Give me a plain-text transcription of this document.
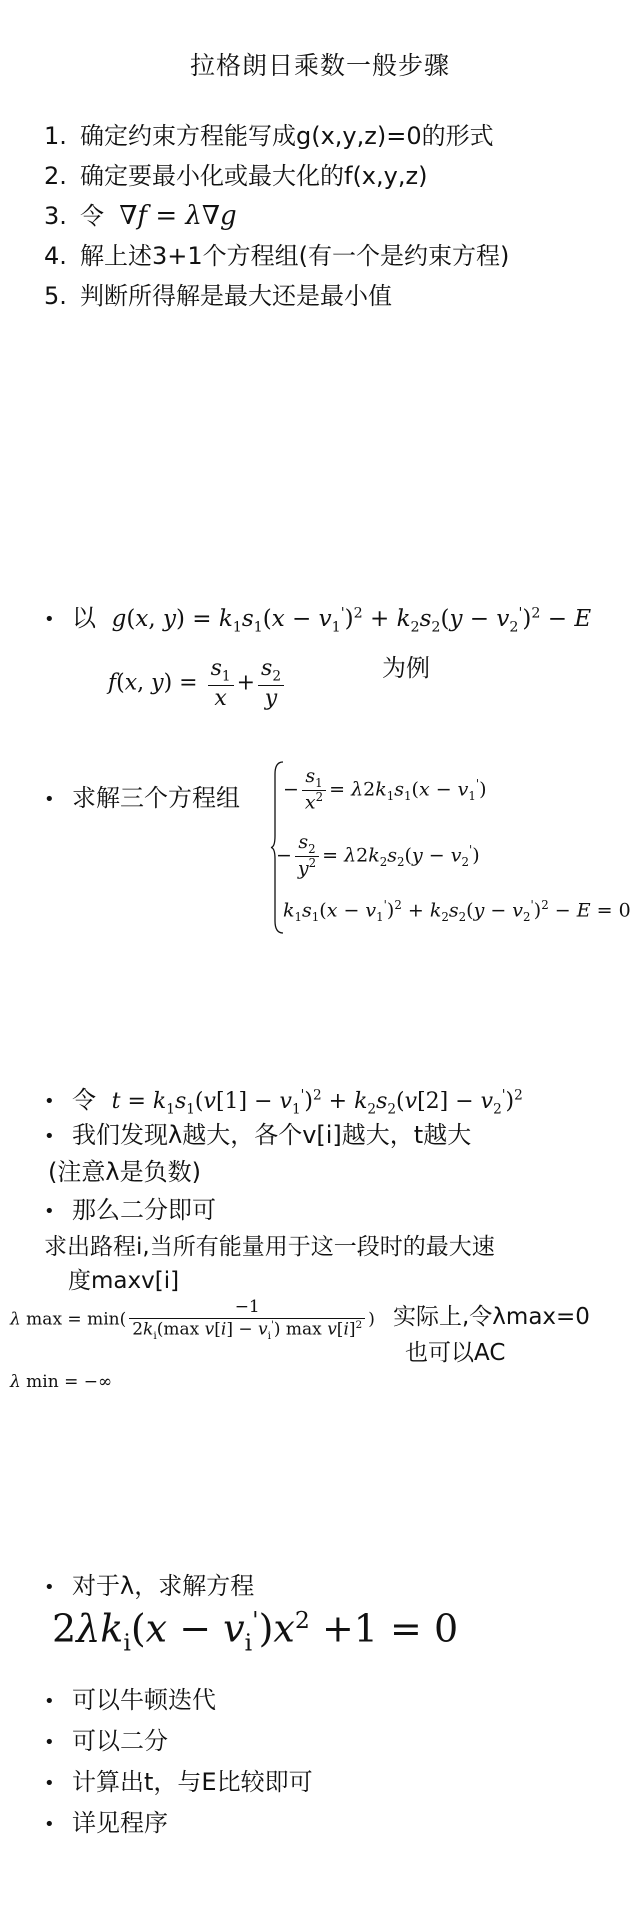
拉格朗日乘数一般步骤
1. 确定约束方程能写成g(x,y,z)=0的形式
2. 确定要最小化或最大化的f(x,y,z)
3. 令 ∇f = λ∇g
4. 解上述3+1个方程组(有一个是约束方程)
5. 判断所得解是最大还是最小值
• 以 g(x, $y) = k_1s_1(x - v_1')^2 + k_2s_2(y - v_2')^2 - E$
f(x, $y) = \frac{s_1}{x} + \frac{s_2}{y}$	为例
• 求解三个方程组 − $\frac{s_1}{x^2} = \lambda 2k_1s_1(x - v_1')$
− $\frac{s_2}{y^2} = \lambda 2k_2s_2(y - v_2')$
$k_1s_1(x - v_1')^2 + k_2s_2(y - v_2')^2 - E = 0$
• 令 $t = k_1s_1(v[1] - v_1')^2 + k_2s_2(v[2] - v_2')^2$
• 我们发现λ越大，各个v[i]越大，t越大
(注意λ是负数)
• 那么二分即可
求出路程i,当所有能量用于这一段时的最大速
度maxv[i]
λ $\max = \min( \frac{-1}{2k_i(\max v[i] - v_i') \max v[i]^2}$ )
λ min = −∞
实际上,令λmax=0
也可以AC
• 对于λ，求解方程
$2\lambda k_i(x - v_i')x^2 +1 = 0$
• 可以牛顿迭代
• 可以二分
• 计算出t，与E比较即可
• 详见程序
